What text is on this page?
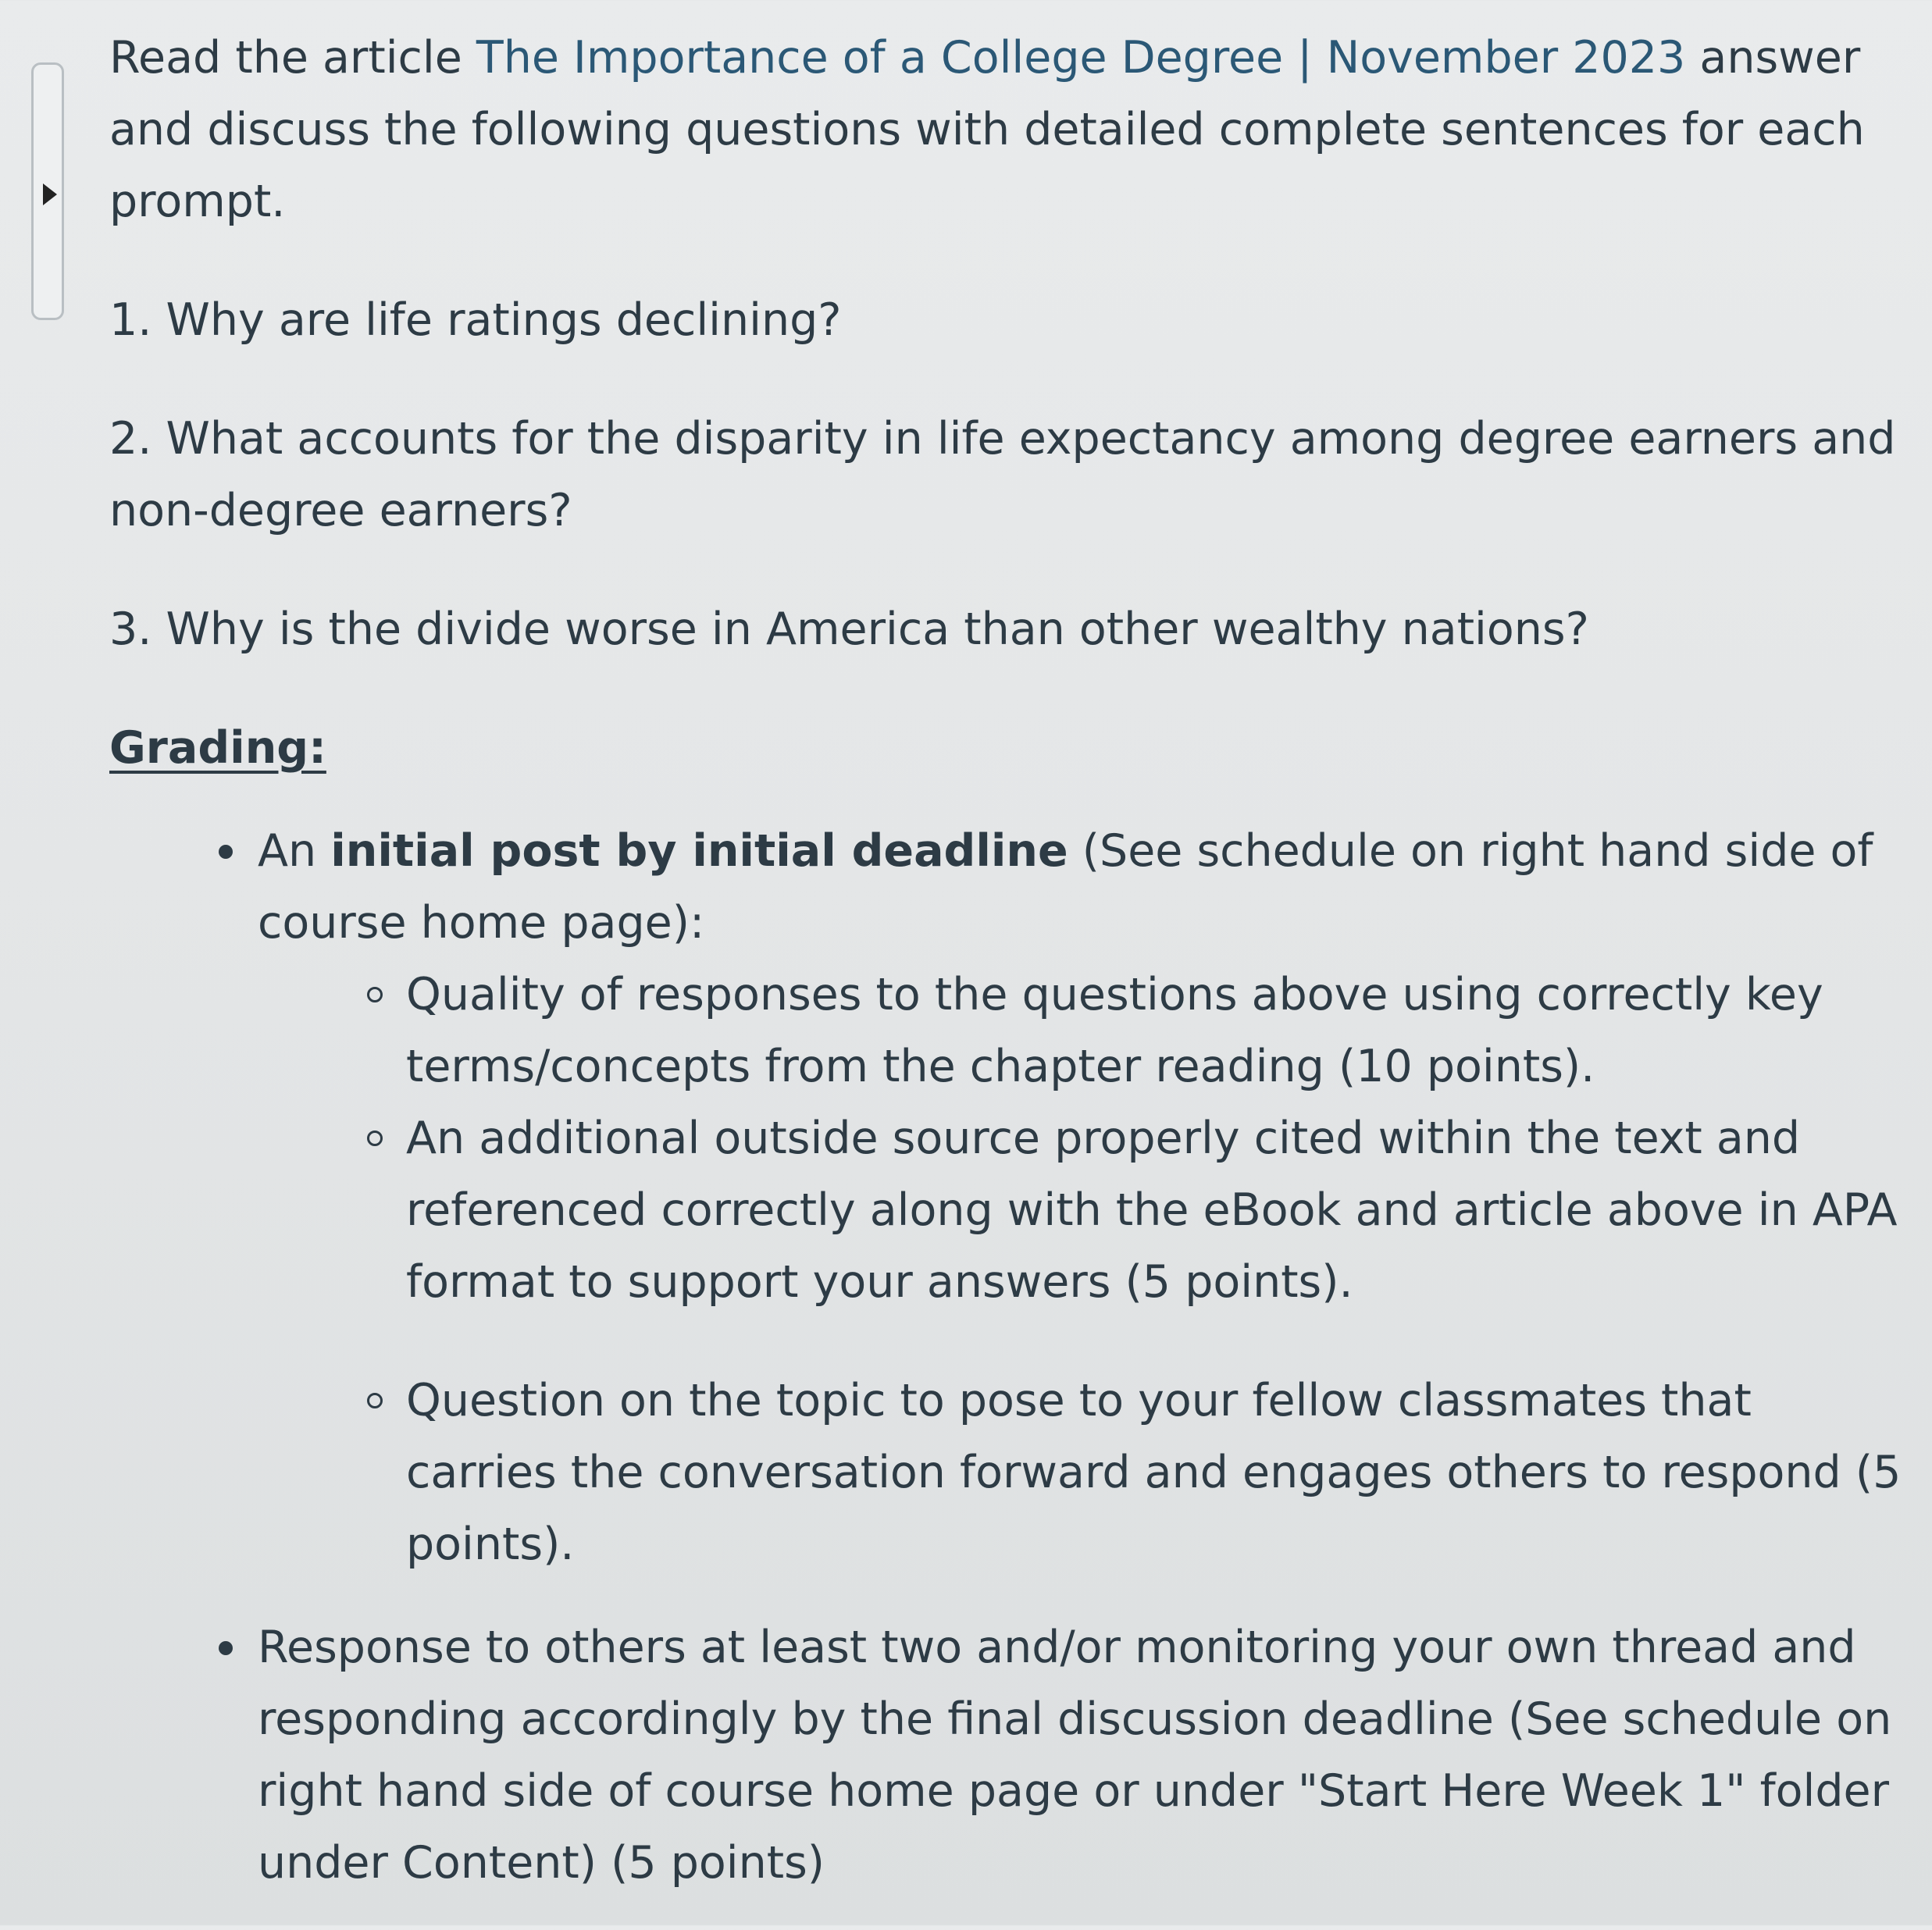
Read the article The Importance of a College Degree | November 2023 answer and discuss the following questions with detailed complete sentences for each prompt.

1. Why are life ratings declining?

2. What accounts for the disparity in life expectancy among degree earners and non-degree earners?

3. Why is the divide worse in America than other wealthy nations?

Grading:

An initial post by initial deadline (See schedule on right hand side of course home page):
Quality of responses to the questions above using correctly key terms/concepts from the chapter reading (10 points).
An additional outside source properly cited within the text and referenced correctly along with the eBook and article above in APA format to support your answers (5 points).
Question on the topic to pose to your fellow classmates that carries the conversation forward and engages others to respond (5 points).
Response to others at least two and/or monitoring your own thread and responding accordingly by the final discussion deadline (See schedule on right hand side of course home page or under "Start Here Week 1" folder under Content) (5 points)
